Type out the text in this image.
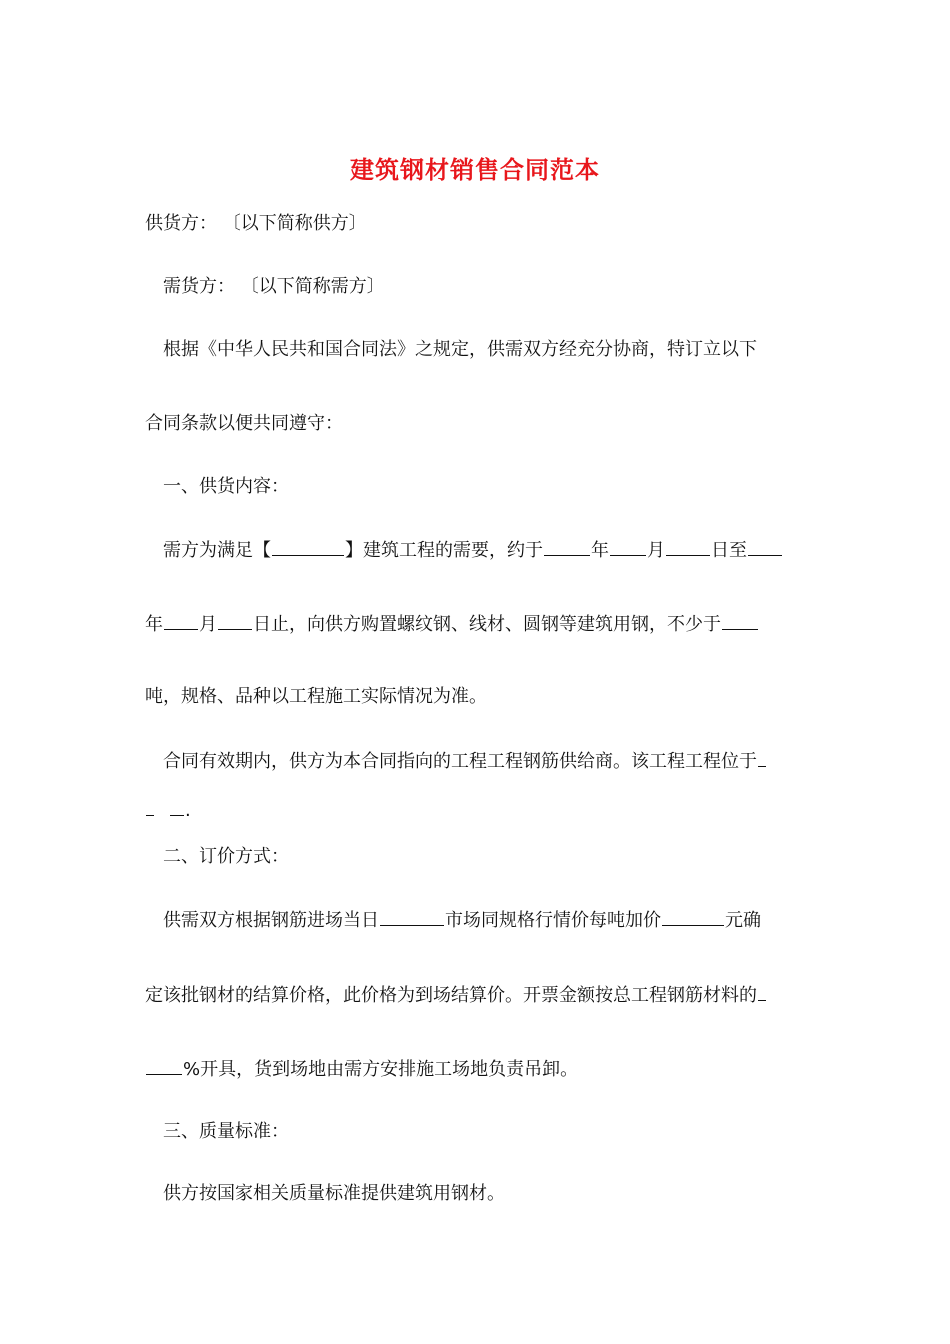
建筑钢材销售合同范本
供货方： 〔以下简称供方〕
需货方： 〔以下简称需方〕
根据《中华人民共和国合同法》之规定，供需双方经充分协商，特订立以下
合同条款以便共同遵守：
一、供货内容：
需方为满足【	】建筑工程的需要，约于	年 月	日至
年 月 日止，向供方购置螺纹钢、线材、圆钢等建筑用钢，不少于
吨，规格、品种以工程施工实际情况为准。
合同有效期内，供方为本合同指向的工程工程钢筋供给商。该工程工程位于
.
二、订价方式：
供需双方根据钢筋进场当日	市场同规格行情价每吨加价	元确
定该批钢材的结算价格，此价格为到场结算价。开票金额按总工程钢筋材料的
%开具，货到场地由需方安排施工场地负责吊卸。
三、质量标准：
供方按国家相关质量标准提供建筑用钢材。
